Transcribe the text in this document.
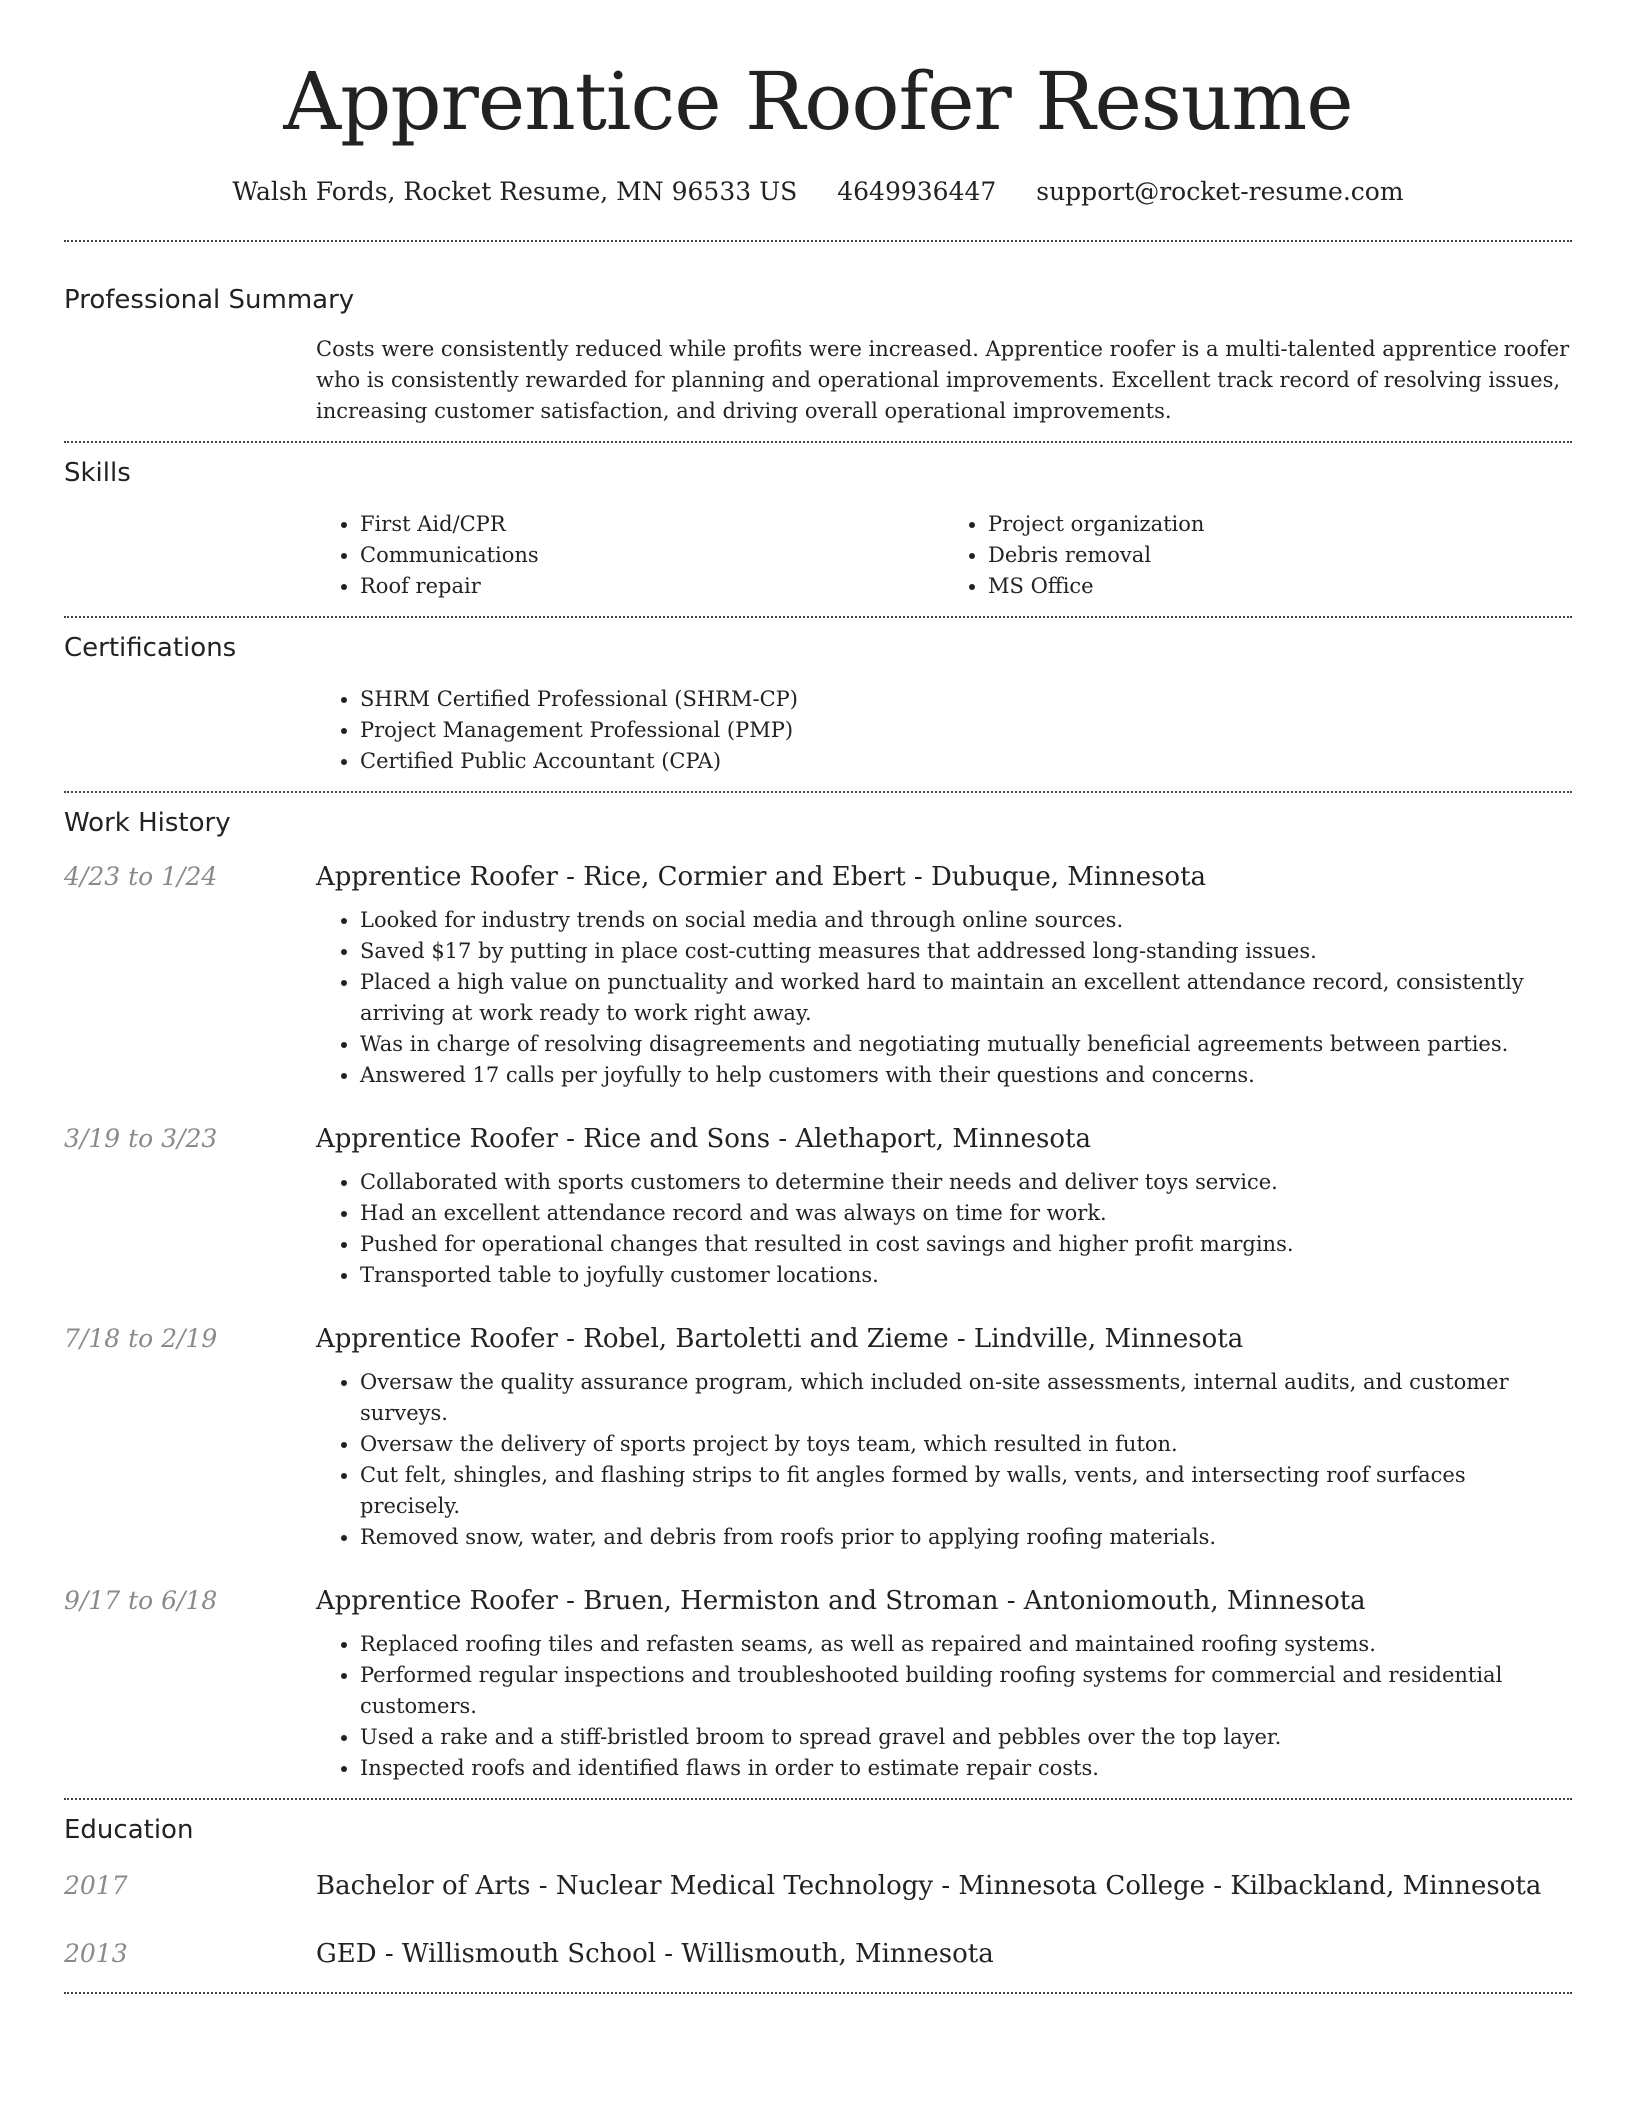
Apprentice Roofer Resume
Walsh Fords, Rocket Resume, MN 96533 US 4649936447 support@rocket-resume.com
Professional Summary
Costs were consistently reduced while profits were increased. Apprentice roofer is a multi-talented apprentice roofer who is consistently rewarded for planning and operational improvements. Excellent track record of resolving issues, increasing customer satisfaction, and driving overall operational improvements.
Skills
• First Aid/CPR
• Communications
• Roof repair
• Project organization
• Debris removal
• MS Office
Certifications
• SHRM Certified Professional (SHRM-CP)
• Project Management Professional (PMP)
• Certified Public Accountant (CPA)
Work History
4/23 to 1/24	Apprentice Roofer - Rice, Cormier and Ebert - Dubuque, Minnesota
• Looked for industry trends on social media and through online sources.
• Saved $17 by putting in place cost-cutting measures that addressed long-standing issues.
• Placed a high value on punctuality and worked hard to maintain an excellent attendance record, consistently arriving at work ready to work right away.
• Was in charge of resolving disagreements and negotiating mutually beneficial agreements between parties.
• Answered 17 calls per joyfully to help customers with their questions and concerns.
3/19 to 3/23	Apprentice Roofer - Rice and Sons - Alethaport, Minnesota
• Collaborated with sports customers to determine their needs and deliver toys service.
• Had an excellent attendance record and was always on time for work.
• Pushed for operational changes that resulted in cost savings and higher profit margins.
• Transported table to joyfully customer locations.
7/18 to 2/19	Apprentice Roofer - Robel, Bartoletti and Zieme - Lindville, Minnesota
• Oversaw the quality assurance program, which included on-site assessments, internal audits, and customer surveys.
• Oversaw the delivery of sports project by toys team, which resulted in futon.
• Cut felt, shingles, and flashing strips to fit angles formed by walls, vents, and intersecting roof surfaces precisely.
• Removed snow, water, and debris from roofs prior to applying roofing materials.
9/17 to 6/18	Apprentice Roofer - Bruen, Hermiston and Stroman - Antoniomouth, Minnesota
• Replaced roofing tiles and refasten seams, as well as repaired and maintained roofing systems.
• Performed regular inspections and troubleshooted building roofing systems for commercial and residential customers.
• Used a rake and a stiff-bristled broom to spread gravel and pebbles over the top layer.
• Inspected roofs and identified flaws in order to estimate repair costs.
Education
2017	Bachelor of Arts - Nuclear Medical Technology - Minnesota College - Kilbackland, Minnesota
2013	GED - Willismouth School - Willismouth, Minnesota
